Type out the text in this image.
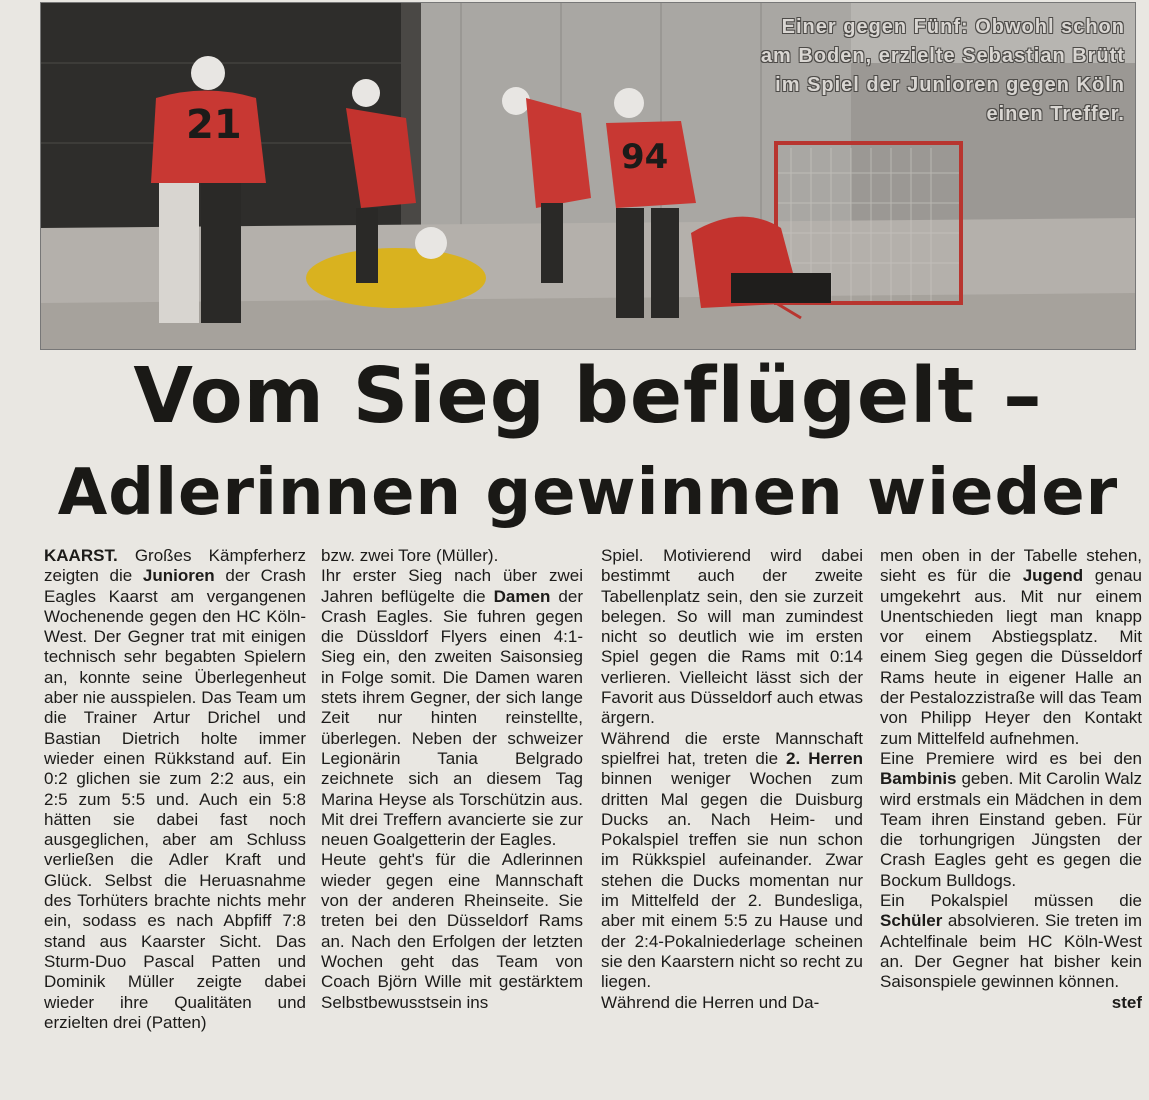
21
94
Einer gegen Fünf: Obwohl schon am Boden, erzielte Sebastian Brütt im Spiel der Junioren gegen Köln einen Treffer.
Vom Sieg beflügelt –
Adlerinnen gewinnen wieder

KAARST. Großes Kämpferherz zeigten die Junioren der Crash Eagles Kaarst am vergangenen Wochenende gegen den HC Köln-West. Der Gegner trat mit einigen technisch sehr begabten Spielern an, konnte seine Überlegenheut aber nie ausspielen. Das Team um die Trainer Artur Drichel und Bastian Dietrich holte immer wieder einen Rükkstand auf. Ein 0:2 glichen sie zum 2:2 aus, ein 2:5 zum 5:5 und. Auch ein 5:8 hätten sie dabei fast noch ausgeglichen, aber am Schluss verließen die Adler Kraft und Glück. Selbst die Heruasnahme des Torhüters brachte nichts mehr ein, sodass es nach Abpfiff 7:8 stand aus Kaarster Sicht. Das Sturm-Duo Pascal Patten und Dominik Müller zeigte dabei wieder ihre Qualitäten und erzielten drei (Patten)

bzw. zwei Tore (Müller).

Ihr erster Sieg nach über zwei Jahren beflügelte die Damen der Crash Eagles. Sie fuhren gegen die Düssldorf Flyers einen 4:1-Sieg ein, den zweiten Saisonsieg in Folge somit. Die Damen waren stets ihrem Gegner, der sich lange Zeit nur hinten reinstellte, überlegen. Neben der schweizer Legionärin Tania Belgrado zeichnete sich an diesem Tag Marina Heyse als Torschützin aus. Mit drei Treffern avancierte sie zur neuen Goalgetterin der Eagles.

Heute geht's für die Adlerinnen wieder gegen eine Mannschaft von der anderen Rheinseite. Sie treten bei den Düsseldorf Rams an. Nach den Erfolgen der letzten Wochen geht das Team von Coach Björn Wille mit gestärktem Selbstbewusstsein ins

Spiel. Motivierend wird dabei bestimmt auch der zweite Tabellenplatz sein, den sie zurzeit belegen. So will man zumindest nicht so deutlich wie im ersten Spiel gegen die Rams mit 0:14 verlieren. Vielleicht lässt sich der Favorit aus Düsseldorf auch etwas ärgern.

Während die erste Mannschaft spielfrei hat, treten die 2. Herren binnen weniger Wochen zum dritten Mal gegen die Duisburg Ducks an. Nach Heim- und Pokalspiel treffen sie nun schon im Rükkspiel aufeinander. Zwar stehen die Ducks momentan nur im Mittelfeld der 2. Bundesliga, aber mit einem 5:5 zu Hause und der 2:4-Pokalniederlage scheinen sie den Kaarstern nicht so recht zu liegen.

Während die Herren und Da-

men oben in der Tabelle stehen, sieht es für die Jugend genau umgekehrt aus. Mit nur einem Unentschieden liegt man knapp vor einem Abstiegsplatz. Mit einem Sieg gegen die Düsseldorf Rams heute in eigener Halle an der Pestalozzistraße will das Team von Philipp Heyer den Kontakt zum Mittelfeld aufnehmen.

Eine Premiere wird es bei den Bambinis geben. Mit Carolin Walz wird erstmals ein Mädchen in dem Team ihren Einstand geben. Für die torhungrigen Jüngsten der Crash Eagles geht es gegen die Bockum Bulldogs.

Ein Pokalspiel müssen die Schüler absolvieren. Sie treten im Achtelfinale beim HC Köln-West an. Der Gegner hat bisher kein Saisonspiele gewinnen können.
stef
